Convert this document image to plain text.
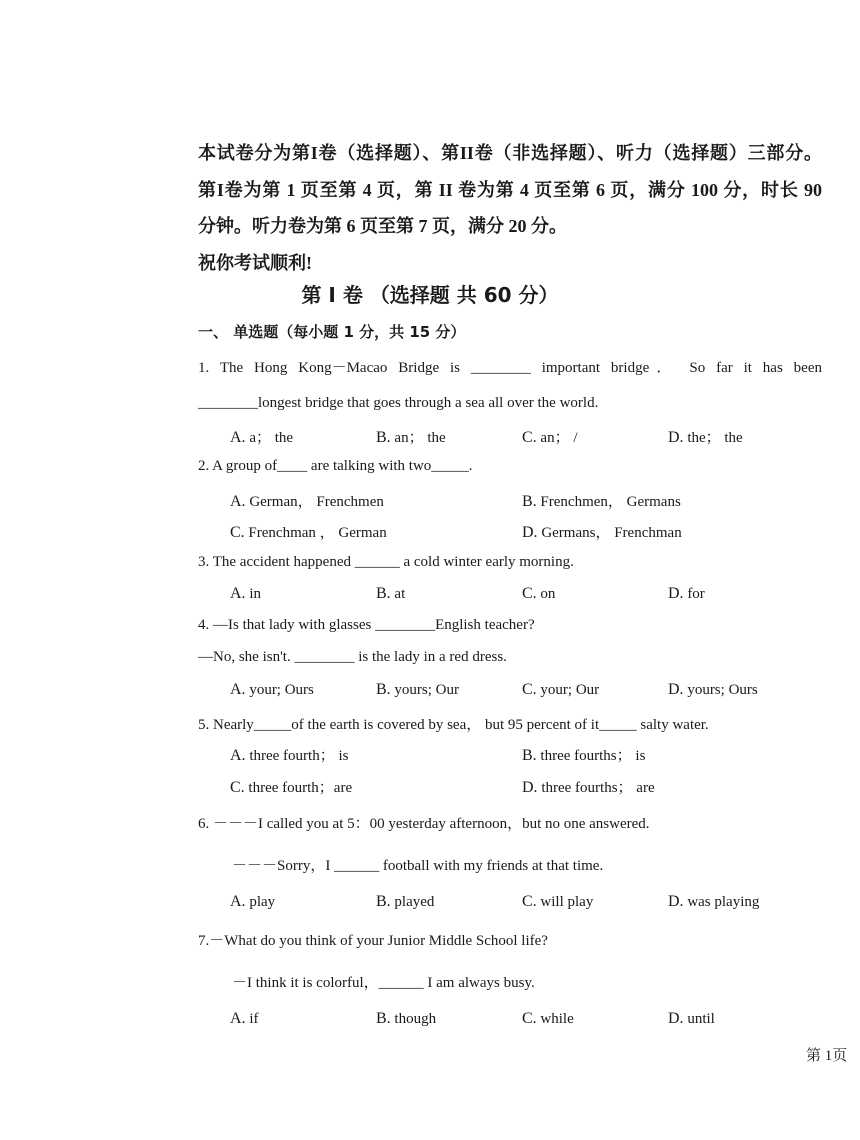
本试卷分为第I卷（选择题）、第II卷（非选择题）、听力（选择题）三部分。
第I卷为第 1 页至第 4 页，第 II 卷为第 4 页至第 6 页，满分 100 分，时长 90
分钟。听力卷为第 6 页至第 7 页，满分 20 分。
祝你考试顺利!
第 I 卷 （选择题 共 60 分）
一、 单选题（每小题 1 分，共 15 分）
1. The Hong Kong－Macao Bridge is ________ important bridge． So far it has been
________longest bridge that goes through a sea all over the world.
A. a； the	B. an； the	C. an； /	D. the； the
2. A group of____ are talking with two_____.
A. German， Frenchmen	B. Frenchmen， Germans
C. Frenchman ， German	D. Germans， Frenchman
3. The accident happened ______ a cold winter early morning.
A. in	B. at	C. on	D. for
4. —Is that lady with glasses ________English teacher?
—No, she isn't. ________ is the lady in a red dress.
A. your; Ours	B. yours; Our	C. your; Our	D. yours; Ours
5. Nearly_____of the earth is covered by sea， but 95 percent of it_____ salty water.
A. three fourth； is	B. three fourths； is
C. three fourth；are	D. three fourths； are
6. －－－I called you at 5：00 yesterday afternoon，but no one answered.
－－－Sorry，I ______ football with my friends at that time.
A. play	B. played	C. will play	D. was playing
7.－What do you think of your Junior Middle School life?
－I think it is colorful，______ I am always busy.
A. if	B. though	C. while	D. until
第 1页
